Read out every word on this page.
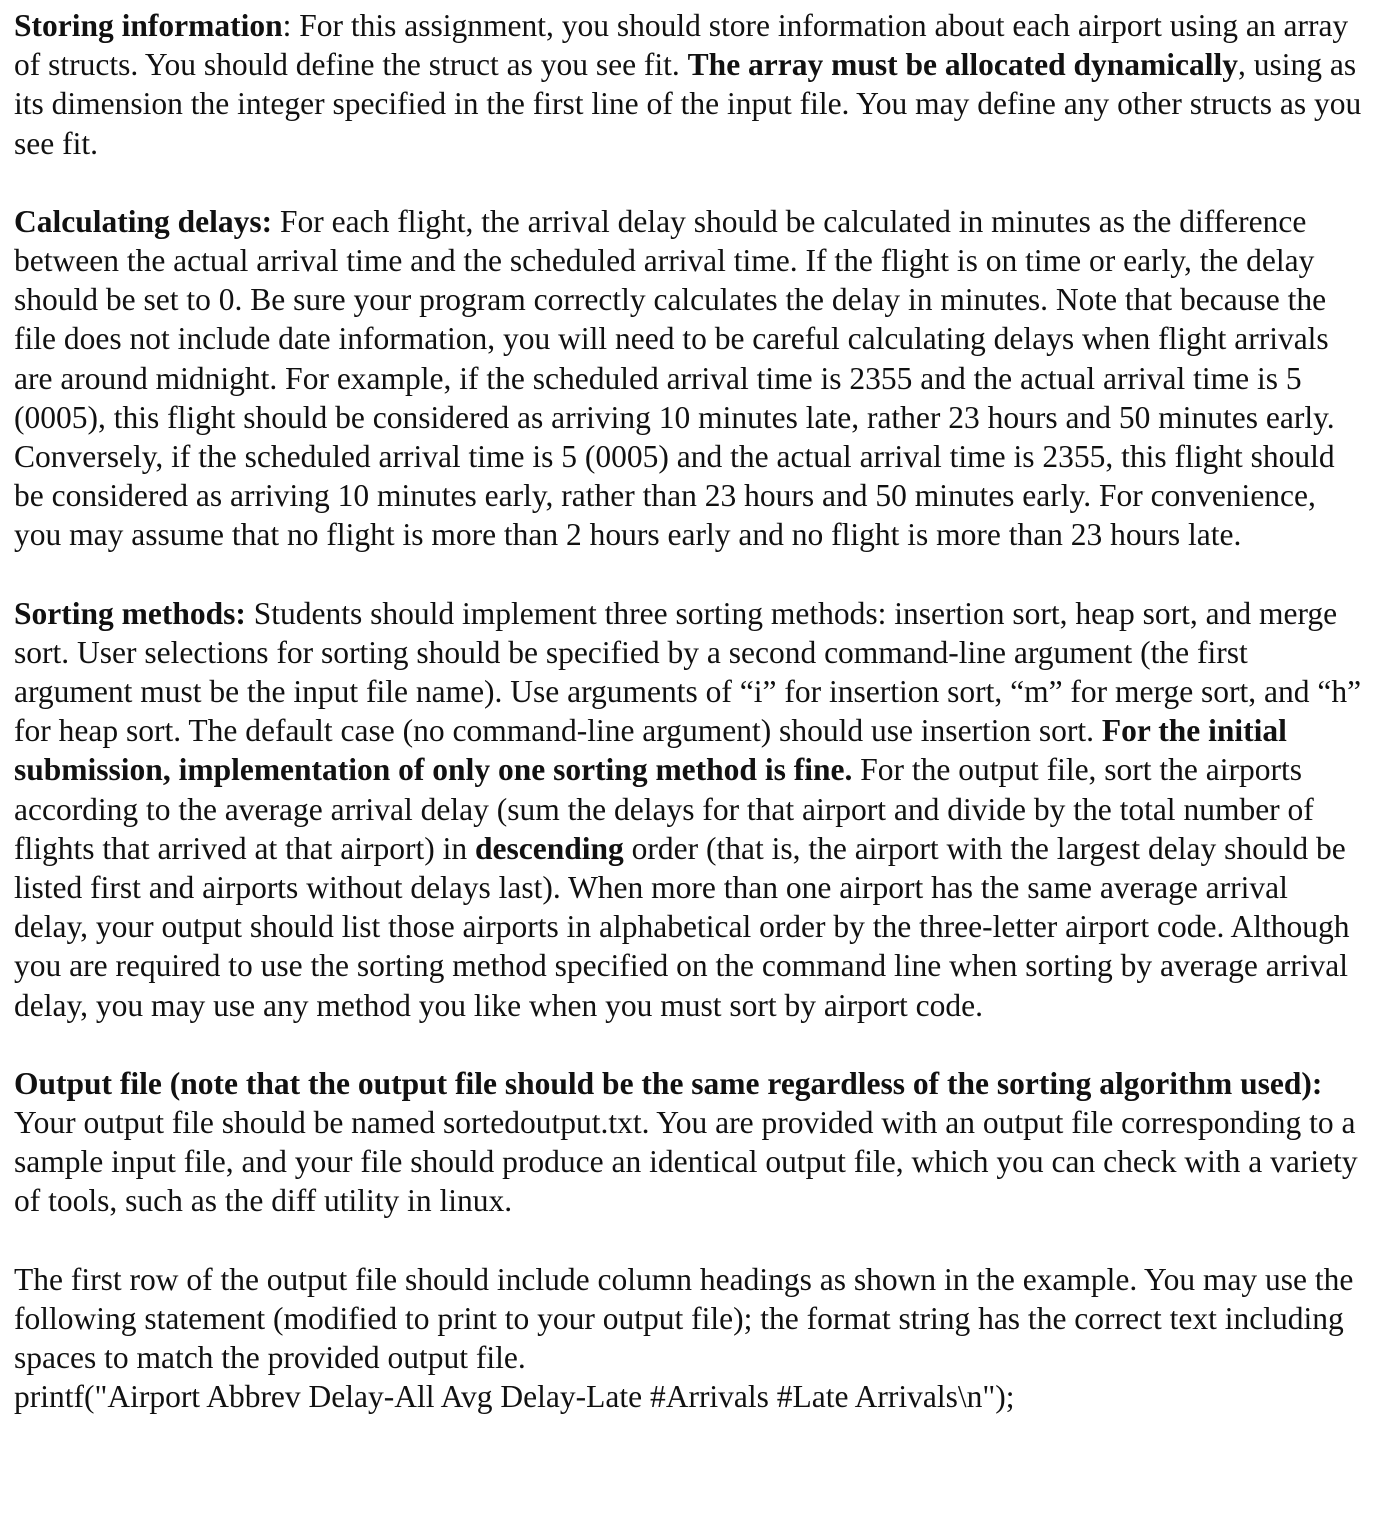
Storing information: For this assignment, you should store information about each airport using an array of structs. You should define the struct as you see fit. The array must be allocated dynamically, using as its dimension the integer specified in the first line of the input file. You may define any other structs as you see fit.

Calculating delays: For each flight, the arrival delay should be calculated in minutes as the difference between the actual arrival time and the scheduled arrival time. If the flight is on time or early, the delay should be set to 0. Be sure your program correctly calculates the delay in minutes. Note that because the file does not include date information, you will need to be careful calculating delays when flight arrivals are around midnight. For example, if the scheduled arrival time is 2355 and the actual arrival time is 5 (0005), this flight should be considered as arriving 10 minutes late, rather 23 hours and 50 minutes early. Conversely, if the scheduled arrival time is 5 (0005) and the actual arrival time is 2355, this flight should be considered as arriving 10 minutes early, rather than 23 hours and 50 minutes early. For convenience, you may assume that no flight is more than 2 hours early and no flight is more than 23 hours late.

Sorting methods: Students should implement three sorting methods: insertion sort, heap sort, and merge sort. User selections for sorting should be specified by a second command-line argument (the first argument must be the input file name). Use arguments of “i” for insertion sort, “m” for merge sort, and “h” for heap sort. The default case (no command-line argument) should use insertion sort. For the initial submission, implementation of only one sorting method is fine. For the output file, sort the airports according to the average arrival delay (sum the delays for that airport and divide by the total number of flights that arrived at that airport) in descending order (that is, the airport with the largest delay should be listed first and airports without delays last). When more than one airport has the same average arrival delay, your output should list those airports in alphabetical order by the three-letter airport code. Although you are required to use the sorting method specified on the command line when sorting by average arrival delay, you may use any method you like when you must sort by airport code.

Output file (note that the output file should be the same regardless of the sorting algorithm used):
Your output file should be named sortedoutput.txt. You are provided with an output file corresponding to a sample input file, and your file should produce an identical output file, which you can check with a variety of tools, such as the diff utility in linux.

The first row of the output file should include column headings as shown in the example. You may use the following statement (modified to print to your output file); the format string has the correct text including spaces to match the provided output file.
printf("Airport Abbrev Delay-All Avg Delay-Late #Arrivals #Late Arrivals\n");
